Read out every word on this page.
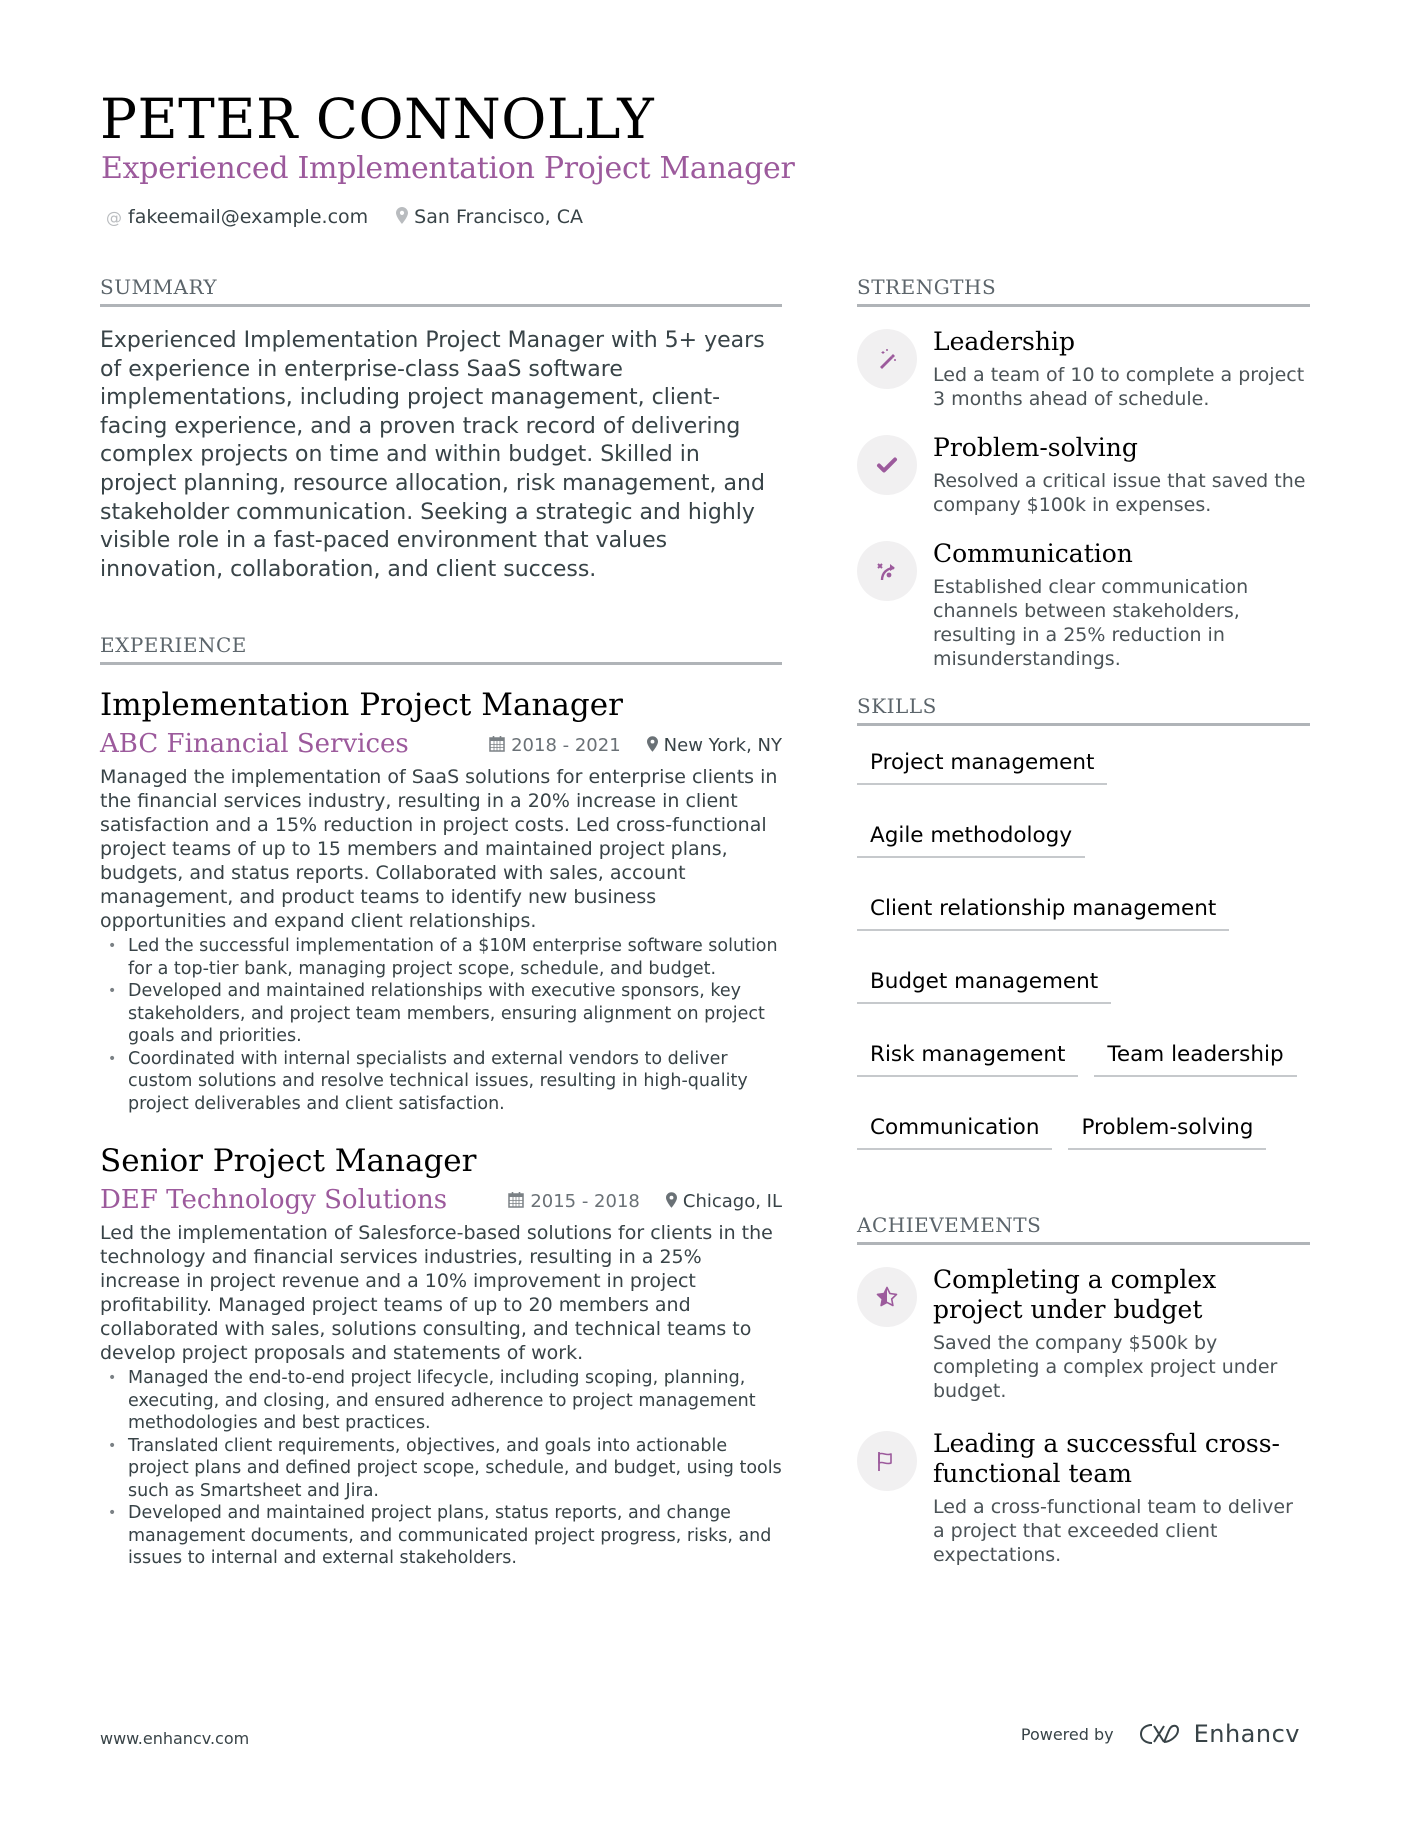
PETER CONNOLLY
Experienced Implementation Project Manager
@ fakeemail@example.com San Francisco, CA
SUMMARY

Experienced Implementation Project Manager with 5+ years of experience in enterprise-class SaaS software implementations, including project management, client-facing experience, and a proven track record of delivering complex projects on time and within budget. Skilled in project planning, resource allocation, risk management, and stakeholder communication. Seeking a strategic and highly visible role in a fast-paced environment that values innovation, collaboration, and client success.

EXPERIENCE
Implementation Project Manager
ABC Financial Services	2018 - 2021 New York, NY

Managed the implementation of SaaS solutions for enterprise clients in the financial services industry, resulting in a 20% increase in client satisfaction and a 15% reduction in project costs. Led cross-functional project teams of up to 15 members and maintained project plans, budgets, and status reports. Collaborated with sales, account management, and product teams to identify new business opportunities and expand client relationships.

• Led the successful implementation of a $10M enterprise software solution for a top-tier bank, managing project scope, schedule, and budget.
• Developed and maintained relationships with executive sponsors, key stakeholders, and project team members, ensuring alignment on project goals and priorities.
• Coordinated with internal specialists and external vendors to deliver custom solutions and resolve technical issues, resulting in high-quality project deliverables and client satisfaction.
Senior Project Manager
DEF Technology Solutions	2015 - 2018 Chicago, IL

Led the implementation of Salesforce-based solutions for clients in the technology and financial services industries, resulting in a 25% increase in project revenue and a 10% improvement in project profitability. Managed project teams of up to 20 members and collaborated with sales, solutions consulting, and technical teams to develop project proposals and statements of work.

• Managed the end-to-end project lifecycle, including scoping, planning, executing, and closing, and ensured adherence to project management methodologies and best practices.
• Translated client requirements, objectives, and goals into actionable project plans and defined project scope, schedule, and budget, using tools such as Smartsheet and Jira.
• Developed and maintained project plans, status reports, and change management documents, and communicated project progress, risks, and issues to internal and external stakeholders.
STRENGTHS
Leadership
Led a team of 10 to complete a project 3 months ahead of schedule.
Problem-solving
Resolved a critical issue that saved the company $100k in expenses.
Communication
Established clear communication channels between stakeholders, resulting in a 25% reduction in misunderstandings.
SKILLS
Project management
Agile methodology
Client relationship management
Budget management
Risk management	Team leadership
Communication	Problem-solving
ACHIEVEMENTS
Completing a complex project under budget
Saved the company $500k by completing a complex project under budget.
Leading a successful cross-functional team
Led a cross-functional team to deliver a project that exceeded client expectations.
www.enhancv.com	Powered by	Enhancv
